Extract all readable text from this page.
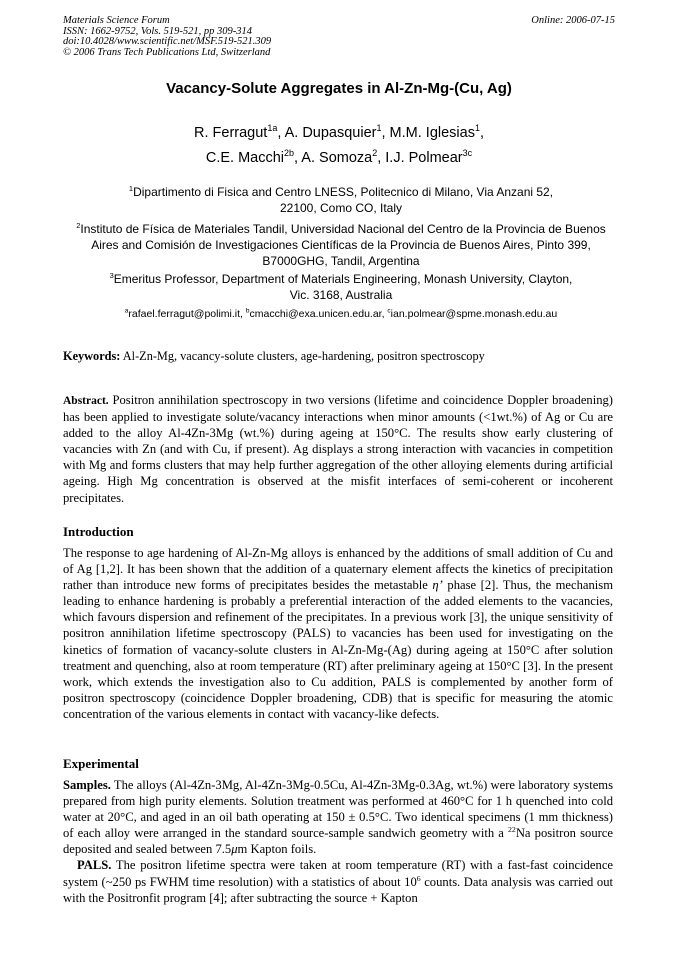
Materials Science Forum
ISSN: 1662-9752, Vols. 519-521, pp 309-314
doi:10.4028/www.scientific.net/MSF.519-521.309
© 2006 Trans Tech Publications Ltd, Switzerland
Online: 2006-07-15
Vacancy-Solute Aggregates in Al-Zn-Mg-(Cu, Ag)
R. Ferragut$^{1a}$, A. Dupasquier$^1$, M.M. Iglesias$^1$,
C.E. Macchi$^{2b}$, A. Somoza$^2$, I.J. Polmear$^{3c}$
$^1$Dipartimento di Fisica and Centro LNESS, Politecnico di Milano, Via Anzani 52,
22100, Como CO, Italy
$^2$Instituto de Física de Materiales Tandil, Universidad Nacional del Centro de la Provincia de Buenos
Aires and Comisión de Investigaciones Científicas de la Provincia de Buenos Aires, Pinto 399,
B7000GHG, Tandil, Argentina
$^3$Emeritus Professor, Department of Materials Engineering, Monash University, Clayton,
Vic. 3168, Australia
$^a$rafael.ferragut@polimi.it, $^b$cmacchi@exa.unicen.edu.ar, $^c$ian.polmear@spme.monash.edu.au
Keywords: Al-Zn-Mg, vacancy-solute clusters, age-hardening, positron spectroscopy
Abstract. Positron annihilation spectroscopy in two versions (lifetime and coincidence Doppler broadening) has been applied to investigate solute/vacancy interactions when minor amounts (<1wt.%) of Ag or Cu are added to the alloy Al-4Zn-3Mg (wt.%) during ageing at 150°C. The results show early clustering of vacancies with Zn (and with Cu, if present). Ag displays a strong interaction with vacancies in competition with Mg and forms clusters that may help further aggregation of the other alloying elements during artificial ageing. High Mg concentration is observed at the misfit interfaces of semi-coherent or incoherent precipitates.
Introduction
The response to age hardening of Al-Zn-Mg alloys is enhanced by the additions of small addition of Cu and of Ag [1,2]. It has been shown that the addition of a quaternary element affects the kinetics of precipitation rather than introduce new forms of precipitates besides the metastable η’ phase [2]. Thus, the mechanism leading to enhance hardening is probably a preferential interaction of the added elements to the vacancies, which favours dispersion and refinement of the precipitates. In a previous work [3], the unique sensitivity of positron annihilation lifetime spectroscopy (PALS) to vacancies has been used for investigating on the kinetics of formation of vacancy-solute clusters in Al-Zn-Mg-(Ag) during ageing at 150°C after solution treatment and quenching, also at room temperature (RT) after preliminary ageing at 150°C [3]. In the present work, which extends the investigation also to Cu addition, PALS is complemented by another form of positron spectroscopy (coincidence Doppler broadening, CDB) that is specific for measuring the atomic concentration of the various elements in contact with vacancy-like defects.
Experimental

Samples. The alloys (Al-4Zn-3Mg, Al-4Zn-3Mg-0.5Cu, Al-4Zn-3Mg-0.3Ag, wt.%) were laboratory systems prepared from high purity elements. Solution treatment was performed at 460°C for 1 h quenched into cold water at 20°C, and aged in an oil bath operating at 150 ± 0.5°C. Two identical specimens (1 mm thickness) of each alloy were arranged in the standard source-sample sandwich geometry with a $^{22}$Na positron source deposited and sealed between 7.5μm Kapton foils.

PALS. The positron lifetime spectra were taken at room temperature (RT) with a fast-fast coincidence system (~250 ps FWHM time resolution) with a statistics of about $10^6$ counts. Data analysis was carried out with the Positronfit program [4]; after subtracting the source + Kapton
